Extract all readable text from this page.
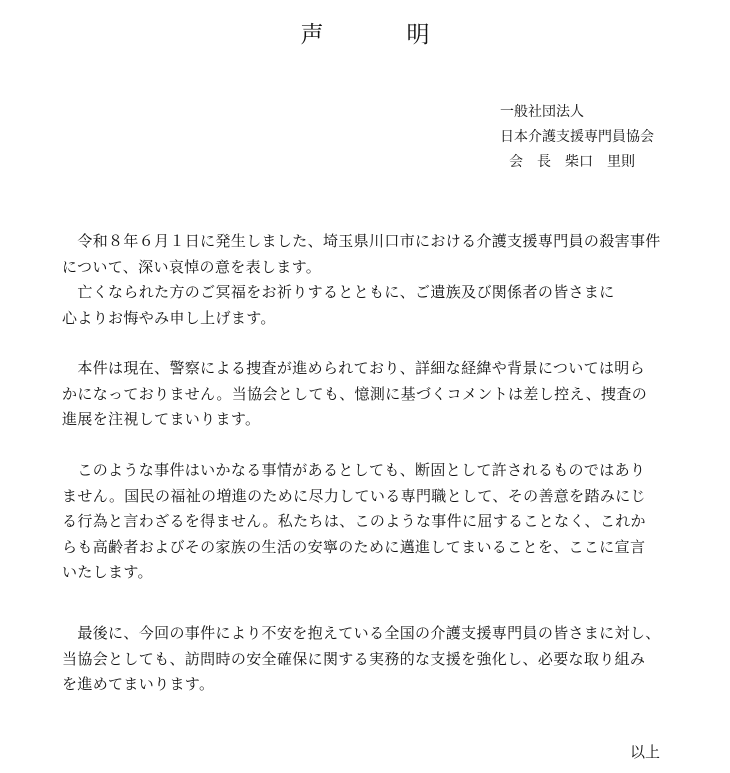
声　明
一般社団法人
日本介護支援専門員協会
会　長　柴口　里則
　令和８年６月１日に発生しました、埼玉県川口市における介護支援専門員の殺害事件
について、深い哀悼の意を表します。
　亡くなられた方のご冥福をお祈りするとともに、ご遺族及び関係者の皆さまに
心よりお悔やみ申し上げます。
　本件は現在、警察による捜査が進められており、詳細な経緯や背景については明ら
かになっておりません。当協会としても、憶測に基づくコメントは差し控え、捜査の
進展を注視してまいります。
　このような事件はいかなる事情があるとしても、断固として許されるものではあり
ません。国民の福祉の増進のために尽力している専門職として、その善意を踏みにじ
る行為と言わざるを得ません。私たちは、このような事件に屈することなく、これか
らも高齢者およびその家族の生活の安寧のために邁進してまいることを、ここに宣言
いたします。
　最後に、今回の事件により不安を抱えている全国の介護支援専門員の皆さまに対し、
当協会としても、訪問時の安全確保に関する実務的な支援を強化し、必要な取り組み
を進めてまいります。
以上
